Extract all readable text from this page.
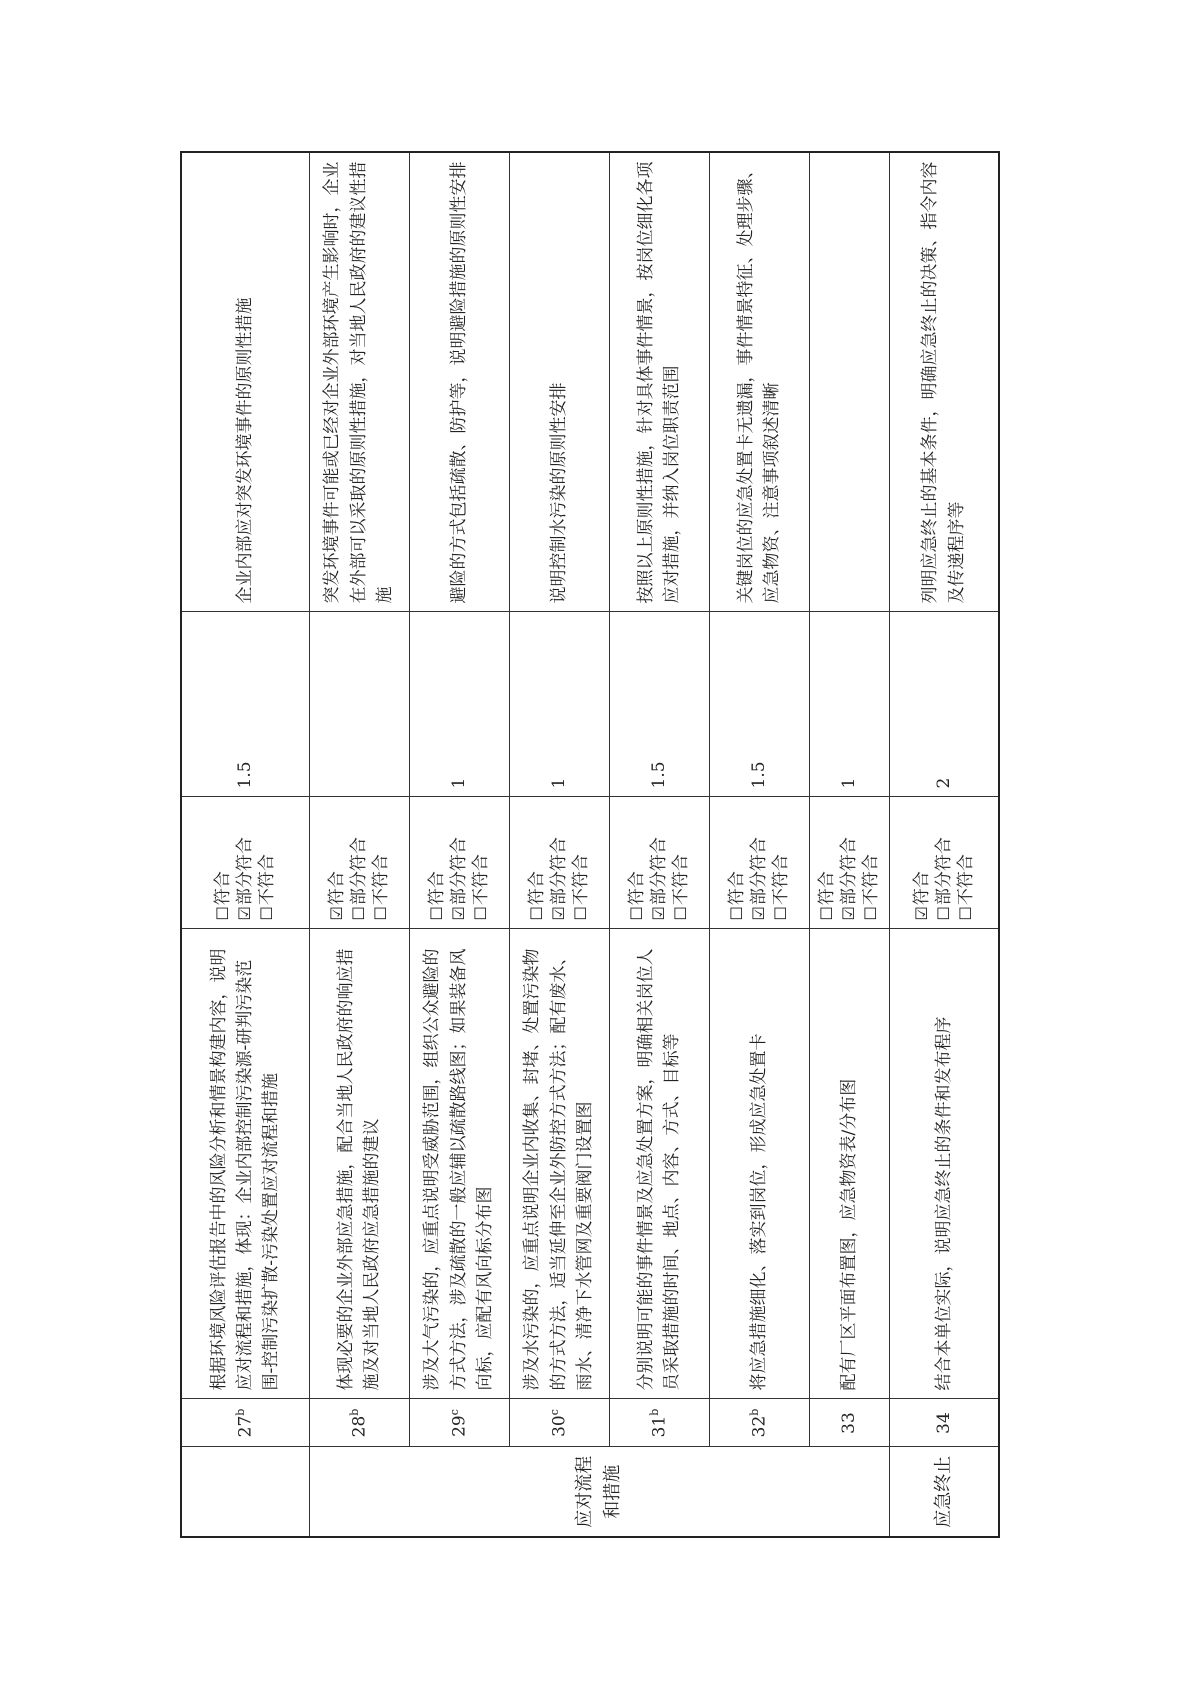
	27$^b$	根据环境风险评估报告中的风险分析和情景构建内容，说明应对流程和措施，体现：企业内部控制污染源-研判污染范围-控制污染扩散-污染处置应对流程和措施	☐符合
☑部分符合
☐不符合	1.5	企业内部应对突发环境事件的原则性措施
应对流程
和措施	28$^b$	体现必要的企业外部应急措施，配合当地人民政府的响应措施及对当地人民政府应急措施的建议	☑符合
☐部分符合
☐不符合		突发环境事件可能或已经对企业外部环境产生影响时，企业在外部可以采取的原则性措施，对当地人民政府的建议性措施
	29$^c$	涉及大气污染的，应重点说明受威胁范围，组织公众避险的方式方法，涉及疏散的一般应辅以疏散路线图；如果装备风向标，应配有风向标分布图	☐符合
☑部分符合
☐不符合	1	避险的方式包括疏散、防护等，说明避险措施的原则性安排
	30$^c$	涉及水污染的，应重点说明企业内收集、封堵、处置污染物的方式方法，适当延伸至企业外防控方式方法；配有废水、雨水、清净下水管网及重要阀门设置图	☐符合
☑部分符合
☐不符合	1	说明控制水污染的原则性安排
	31$^b$	分别说明可能的事件情景及应急处置方案，明确相关岗位人员采取措施的时间、地点、内容、方式、目标等	☐符合
☑部分符合
☐不符合	1.5	按照以上原则性措施，针对具体事件情景，按岗位细化各项应对措施，并纳入岗位职责范围
	32$^b$	将应急措施细化、落实到岗位，形成应急处置卡	☐符合
☑部分符合
☐不符合	1.5	关键岗位的应急处置卡无遗漏，事件情景特征、处理步骤、应急物资、注意事项叙述清晰
	33	配有厂区平面布置图，应急物资表/分布图	☐符合
☑部分符合
☐不符合	1	
应急终止	34	结合本单位实际，说明应急终止的条件和发布程序	☑符合
☐部分符合
☐不符合	2	列明应急终止的基本条件，明确应急终止的决策、指令内容及传递程序等
